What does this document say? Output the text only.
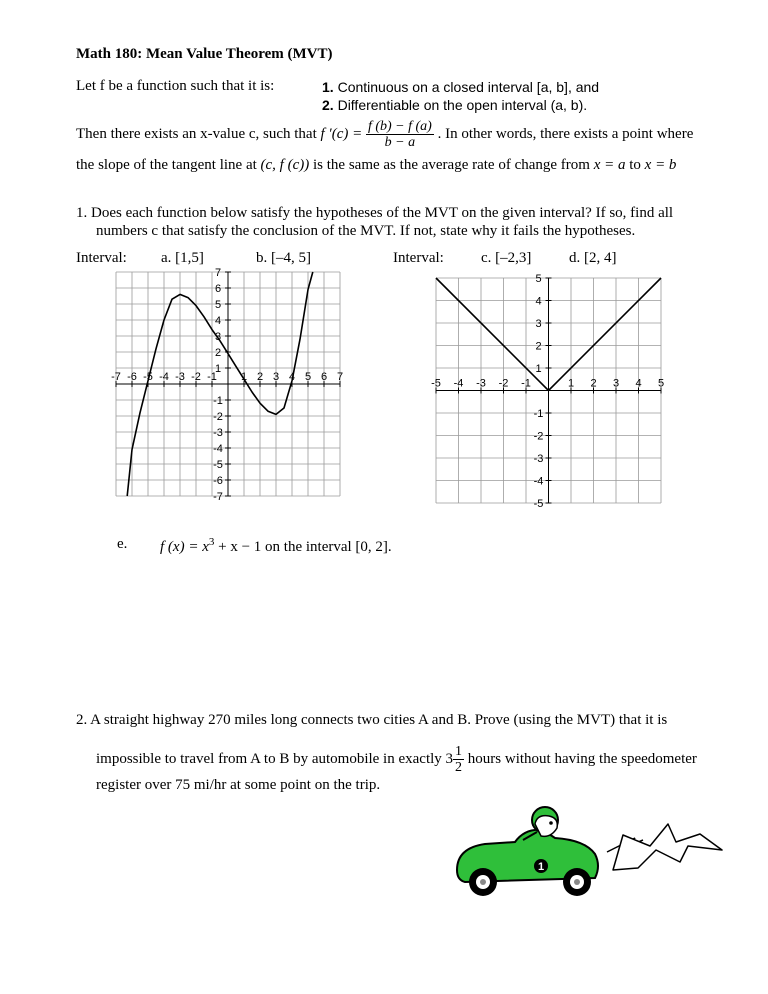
Math 180: Mean Value Theorem (MVT)
Let f be a function such that it is:	1. Continuous on a closed interval [a, b], and
2. Differentiable on the open interval (a, b).
Then there exists an x-value c, such that f $'(c) = \frac{f (b) - f (a)}{b - a}$ . In other words, there exists a point where
the slope of the tangent line at (c, f (c)) is the same as the average rate of change from x = a to x = b
1. Does each function below satisfy the hypotheses of the MVT on the given interval? If so, find all
numbers c that satisfy the conclusion of the MVT. If not, state why it fails the hypotheses.
Interval: a. [1,5]	b. [–4, 5]	Interval: c. [–2,3]	d. [2, 4]
-7 -6 -5 -4 -3 -2 -1 1 2 3 4 5 6 7
-7
-6
-5
-4
-3
-2
-1
1
2
3
4
5
6
7
-5 -4 -3 -2 -1	1 2 3 4 5
-5
-4
-3
-2
-1
1
2
3
4
5
e. f $(x) = x^3 + x - 1$ on the interval [0, 2].
2. A straight highway 270 miles long connects two cities A and B. Prove (using the MVT) that it is
impossible to travel from A to B by automobile in exactly $3 \frac{1}{2}$ hours without having the speedometer
register over 75 mi/hr at some point on the trip.
1
